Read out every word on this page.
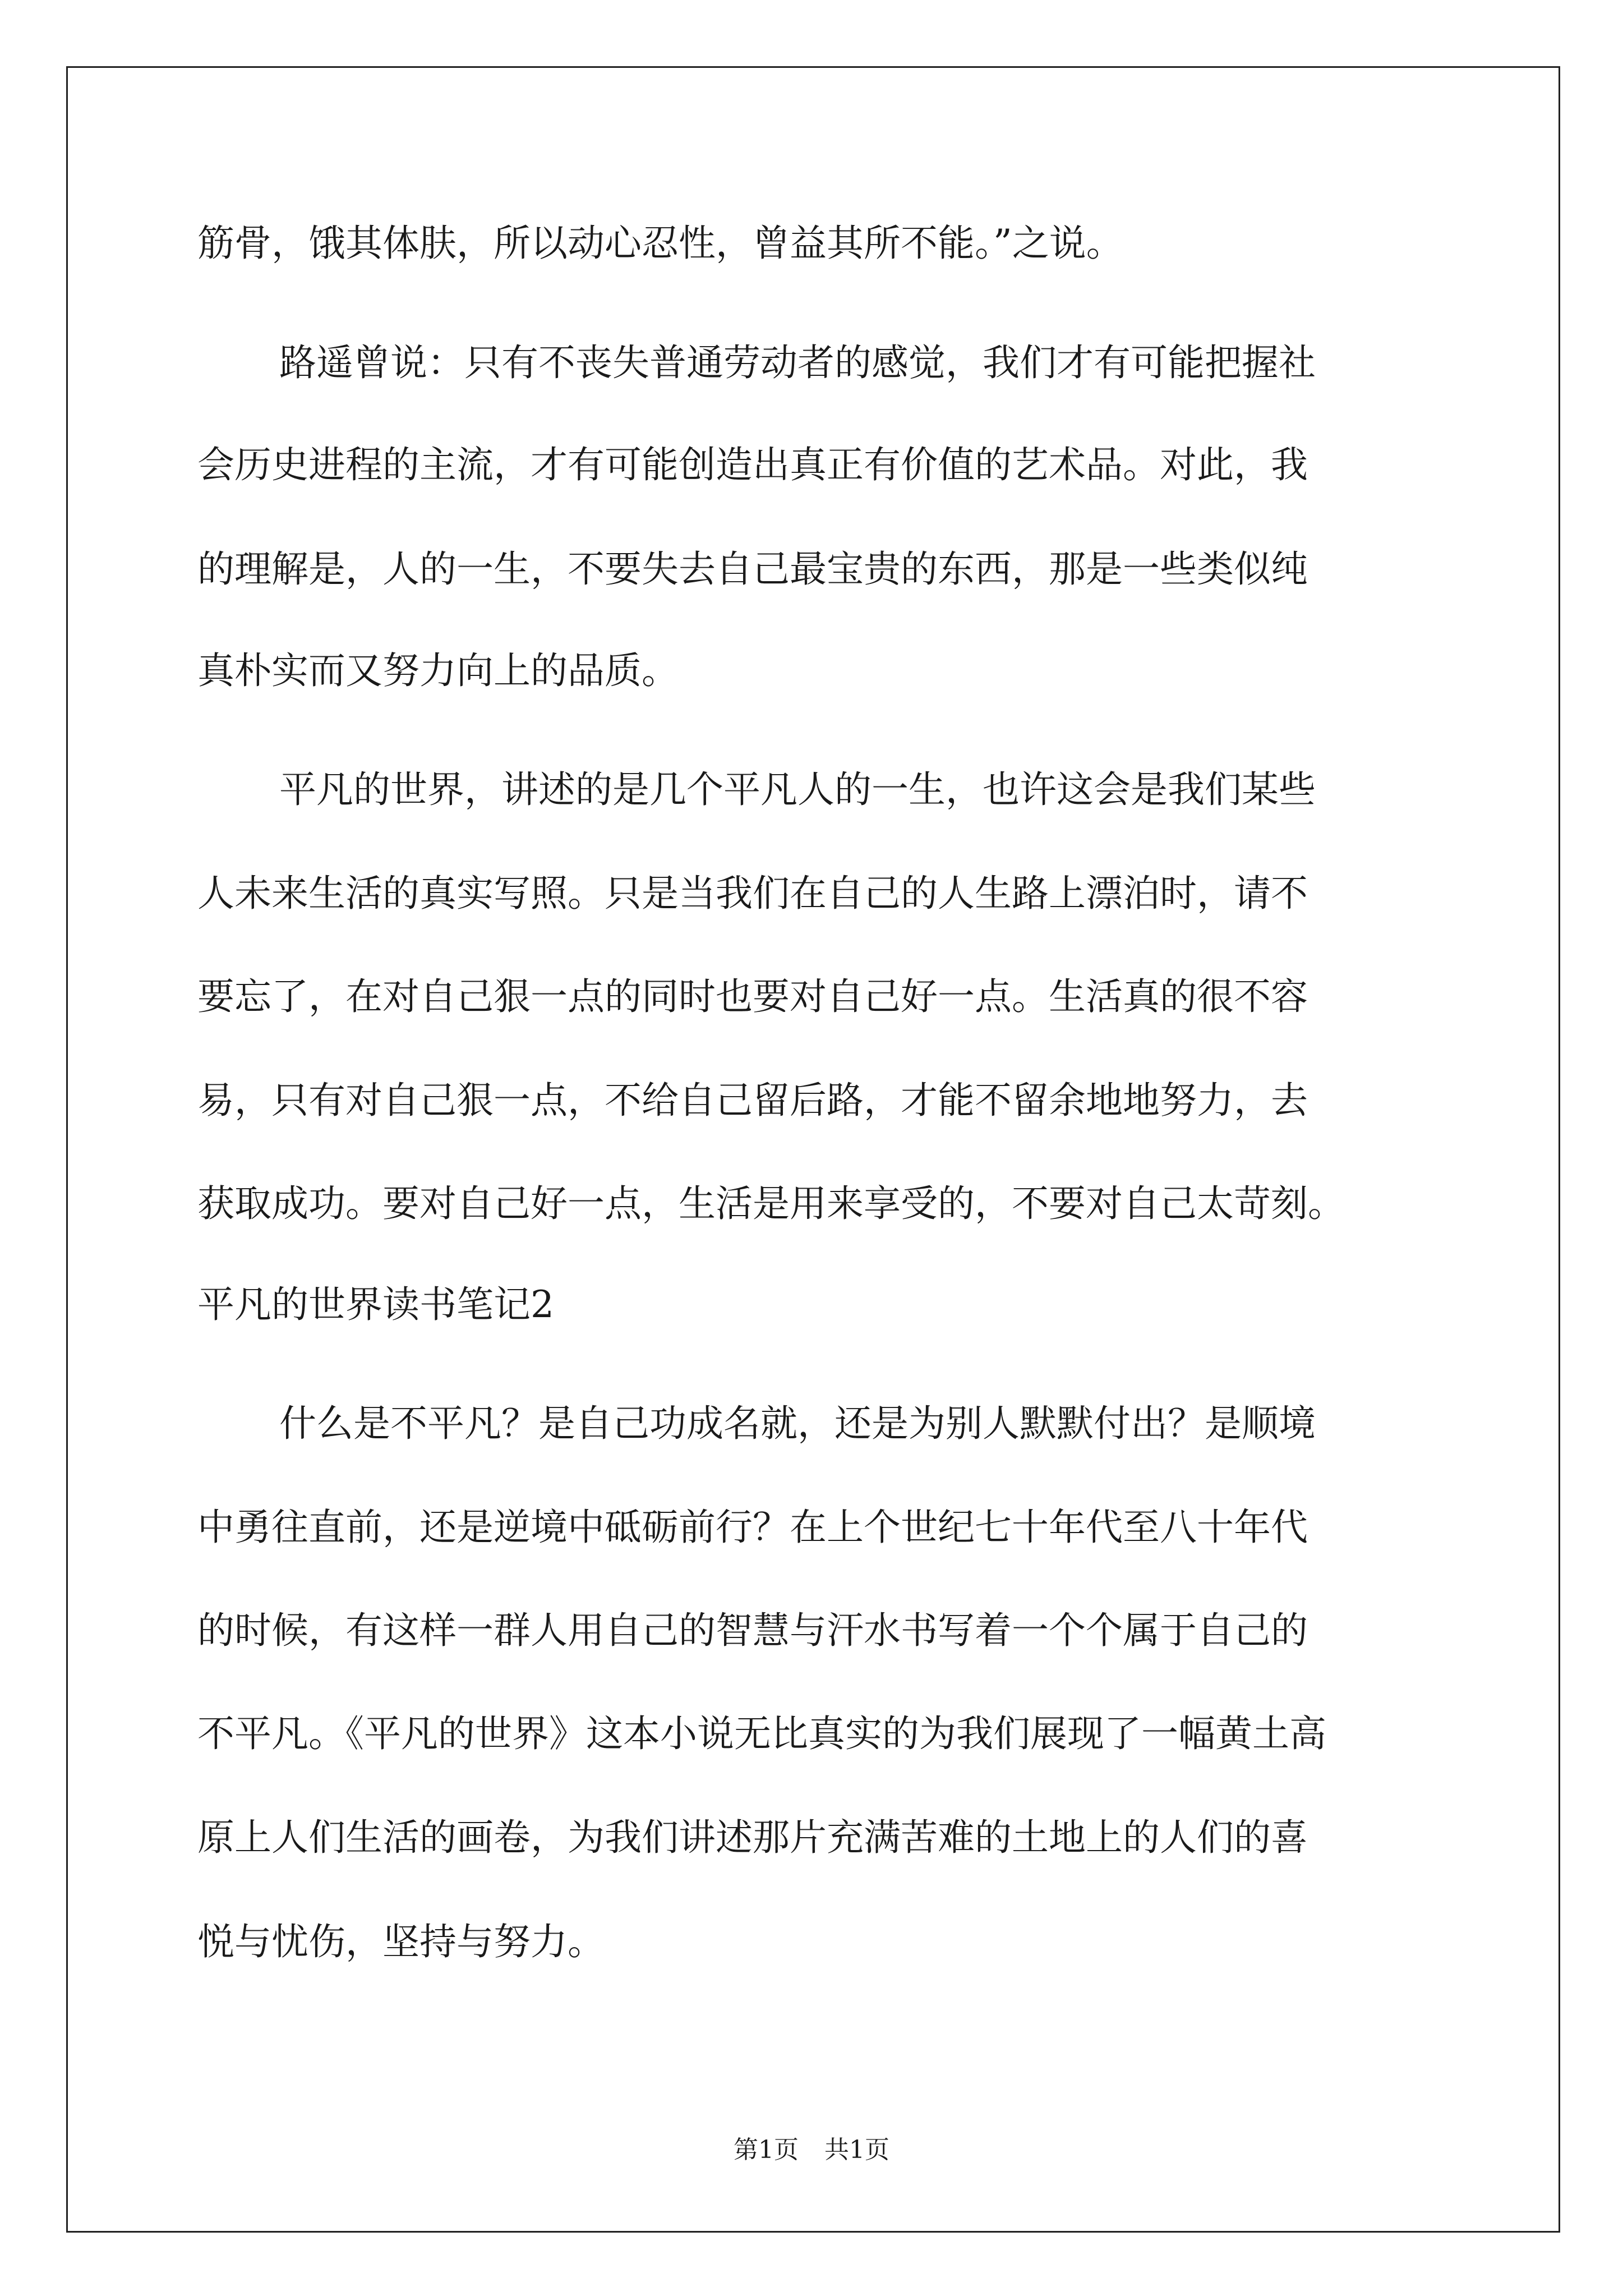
筋骨，饿其体肤，所以动心忍性，曾益其所不能。”之说。

路遥曾说：只有不丧失普通劳动者的感觉，我们才有可能把握社

会历史进程的主流，才有可能创造出真正有价值的艺术品。对此，我

的理解是，人的一生，不要失去自己最宝贵的东西，那是一些类似纯

真朴实而又努力向上的品质。

平凡的世界，讲述的是几个平凡人的一生，也许这会是我们某些

人未来生活的真实写照。只是当我们在自己的人生路上漂泊时，请不

要忘了，在对自己狠一点的同时也要对自己好一点。生活真的很不容

易，只有对自己狠一点，不给自己留后路，才能不留余地地努力，去

获取成功。要对自己好一点，生活是用来享受的，不要对自己太苛刻。

平凡的世界读书笔记2

什么是不平凡？是自己功成名就，还是为别人默默付出？是顺境

中勇往直前，还是逆境中砥砺前行？在上个世纪七十年代至八十年代

的时候，有这样一群人用自己的智慧与汗水书写着一个个属于自己的

不平凡。《平凡的世界》这本小说无比真实的为我们展现了一幅黄土高

原上人们生活的画卷，为我们讲述那片充满苦难的土地上的人们的喜

悦与忧伤，坚持与努力。

第1页 共1页
